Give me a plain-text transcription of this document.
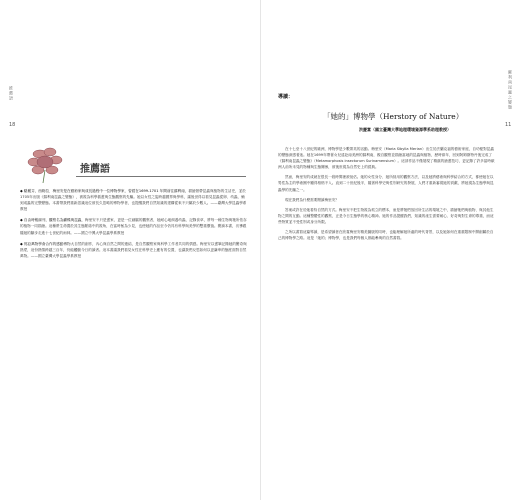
推薦語
18
推薦語
◆ 駱麗芬，西勒拉．梅里安是在藝術家與成長過程中一位博物學家，曾經在1699-1701 年間前往蘇利南，描繪熱帶昆蟲與植物的生活史，並於1705年出版《蘇利南昆蟲之變態》，被視為科學插畫與生態觀察的先驅。她以女性之姿跨越國界與學科，讓後世得以看見昆蟲從卵、幼蟲、蛹到成蟲的完整變態。本書帶我們重新認識這位被長久忽略的博物學者，也提醒我們自然知識的建構從來不只屬於少數人。——臺灣大學昆蟲學系教授
◆ 自由時報副刊，觀察名為蝴蝶與昆蟲，梅里安不只是畫家，更是一位細膩的觀察者，她耐心地飼養幼蟲、記錄食草，將每一種生物與牠所依存的植物一同描繪。這種將生命置於其生態脈絡中的視角，在當時極為少見，也使她的作品至今仍具有科學與美學的雙重價值。閱讀本書，彷彿跟隨她的腳步走進十七世紀的雨林。——國立中興大學昆蟲學系教授
◆ 郭亞萬物學會合作的感動博物大自然的創作，內心與自然之間的連結，是自然觀察家與科學工作者共同的情感。梅里安以畫筆記錄她的驚奇與熱愛，這份熱情跨越三百年，仍能觸動今日的讀者。這本書讓我們看見女性在科學史上應有的位置，也讓我們反思如何以更謙卑的態度面對自然萬物。——國立臺灣大學昆蟲學系教授
蘇利南昆蟲之變態
11
導讀：
「她的」博物學（Herstory of Nature）
洪慶富（國立臺灣大學地理環境資源學系助理教授）

在十七至十八世紀的歐洲，博物學是少數菁英的活動。梅里安（Maria Sibylla Merian）出生於法蘭克福的藝術家庭，自幼便對昆蟲的變態深感著迷。她在1699年帶著女兒遠赴南美洲的蘇利南，親自觀察並描繪當地的昆蟲與植物，歷時兩年，回到阿姆斯特丹後完成了《蘇利南昆蟲之變態》（Metamorphosis insectorum Surinamensium）。這部作品不僅展現了精湛的繪畫技巧，更記錄了許多當時歐洲人前所未見的物種與生態關係，被後世視為自然史上的經典。

然而，梅里安的成就在很長一段時間裡被低估。她的女性身分、她所採用的觀察方法，以及她將藝術與科學結合的方式，都使她在以男性為主的學術圈中顯得格格不入。直到二十世紀後半，隨著科學史與性別研究的發展，人們才重新審視她的貢獻，將她視為生態學與昆蟲學的先驅之一。

現在我們為什麼需要閱讀梅里安？

答案或許在於她看待自然的方式。梅里安不把生物視為孤立的標本，而是將牠們放回所生活的環境之中，描繪牠們與植物、與其他生物之間的互動。這種整體性的觀察，正是今日生態學的核心精神。她的作品提醒我們，知識的產生需要耐心、好奇與對生命的尊重，而這些特質並不受性別或身分所限。

之所以書寫這篇導讀，是希望讀者在欣賞梅里安精美圖版的同時，也能理解她所處的時代背景，以及她如何在重重限制中開創屬於自己的博物學之路。這是「她的」博物學，也是我們每個人都能參與的自然書寫。
